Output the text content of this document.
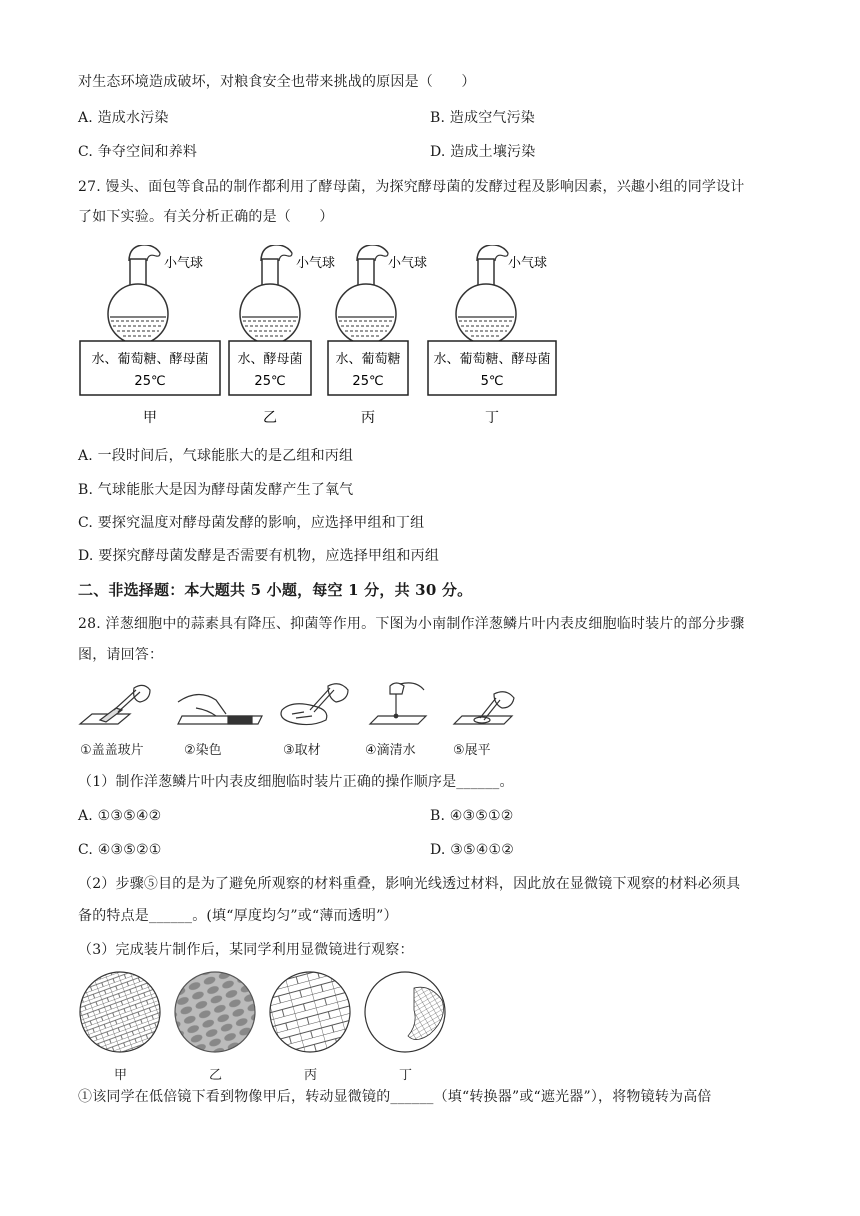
对生态环境造成破坏，对粮食安全也带来挑战的原因是（　　）
A. 造成水污染	B. 造成空气污染
C. 争夺空间和养料	D. 造成土壤污染
27. 馒头、面包等食品的制作都利用了酵母菌，为探究酵母菌的发酵过程及影响因素，兴趣小组的同学设计
了如下实验。有关分析正确的是（　　）
小气球
水、葡萄糖、酵母菌
25℃
甲
小气球
水、酵母菌
25℃
乙
小气球
水、葡萄糖
25℃
丙
小气球
水、葡萄糖、酵母菌
5℃
丁
A. 一段时间后，气球能胀大的是乙组和丙组
B. 气球能胀大是因为酵母菌发酵产生了氧气
C. 要探究温度对酵母菌发酵的影响，应选择甲组和丁组
D. 要探究酵母菌发酵是否需要有机物，应选择甲组和丙组
二、非选择题：本大题共 5 小题，每空 1 分，共 30 分。
28. 洋葱细胞中的蒜素具有降压、抑菌等作用。下图为小南制作洋葱鳞片叶内表皮细胞临时装片的部分步骤
图，请回答：
①盖盖玻片	②染色	③取材	④滴清水	⑤展平
（1）制作洋葱鳞片叶内表皮细胞临时装片正确的操作顺序是______。
A. ①③⑤④②	B. ④③⑤①②
C. ④③⑤②①	D. ③⑤④①②
（2）步骤⑤目的是为了避免所观察的材料重叠，影响光线透过材料，因此放在显微镜下观察的材料必须具
备的特点是______。(填“厚度均匀”或“薄而透明”）
（3）完成装片制作后，某同学利用显微镜进行观察：
甲	乙	丙	丁
①该同学在低倍镜下看到物像甲后，转动显微镜的______（填“转换器”或“遮光器”），将物镜转为高倍
